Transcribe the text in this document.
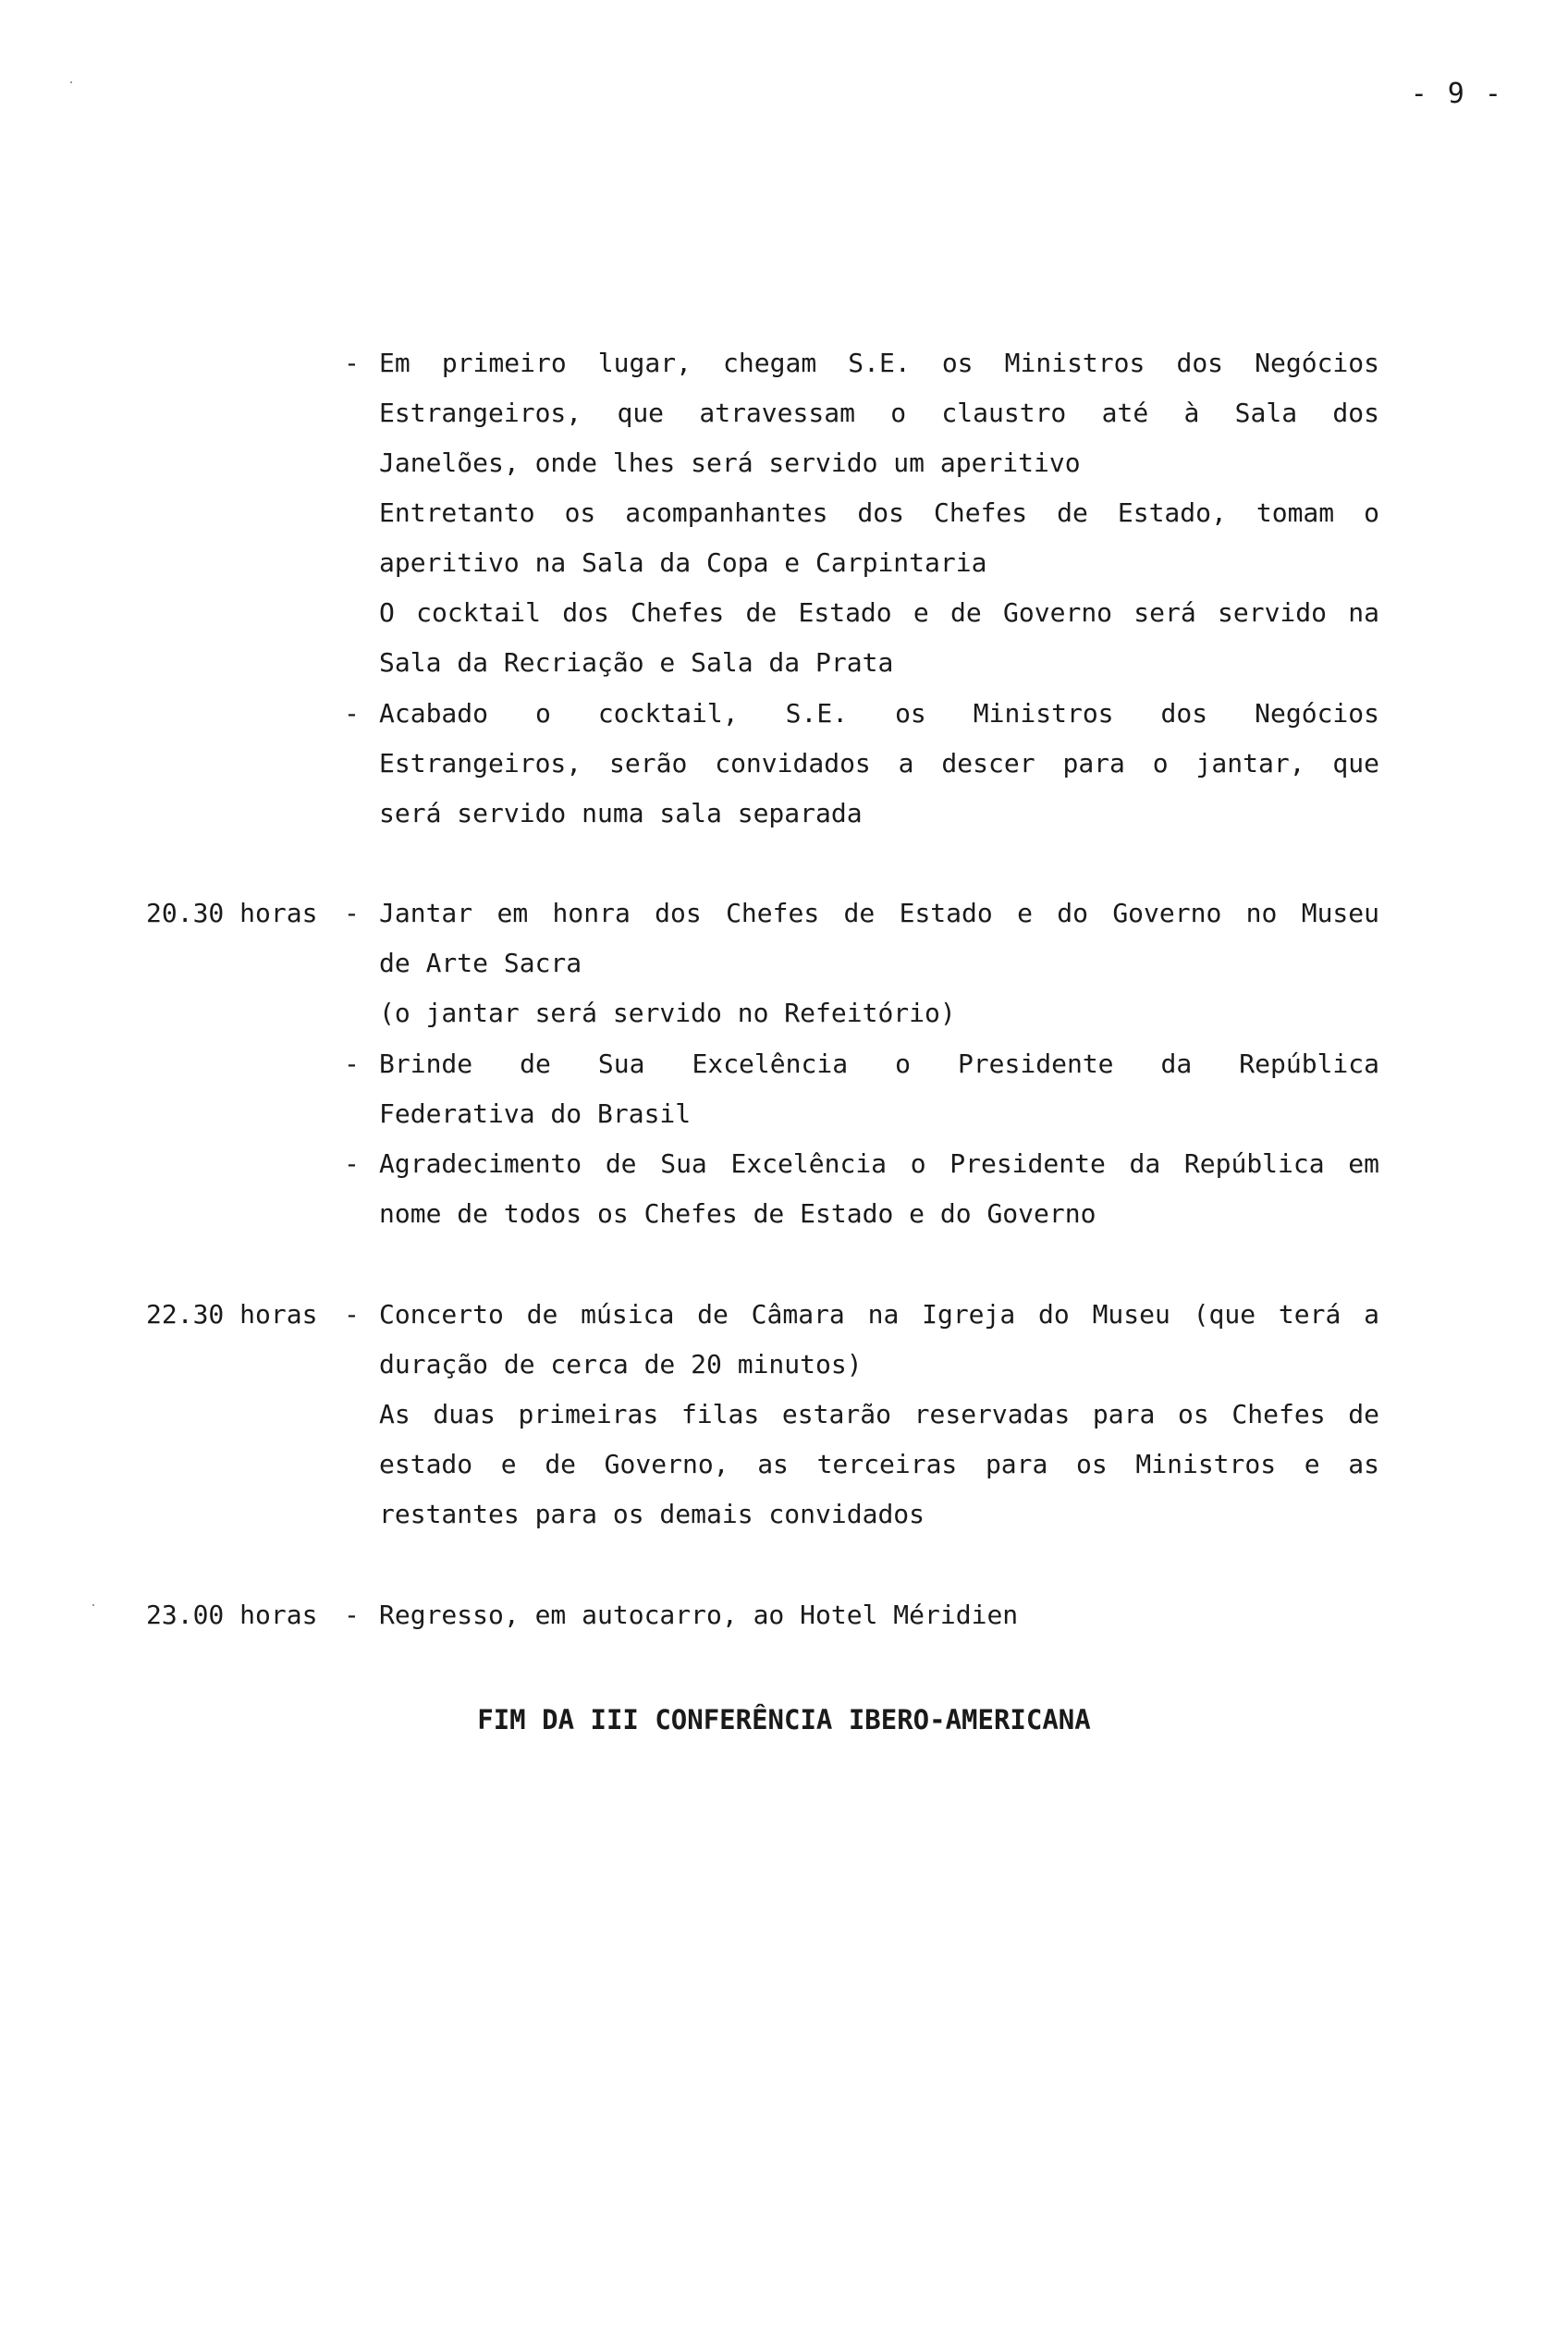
- 9 -
- Em primeiro lugar, chegam S.E. os Ministros dos Negócios
Estrangeiros, que atravessam o claustro até à Sala dos
Janelões, onde lhes será servido um aperitivo
Entretanto os acompanhantes dos Chefes de Estado, tomam o
aperitivo na Sala da Copa e Carpintaria
O cocktail dos Chefes de Estado e de Governo será servido na
Sala da Recriação e Sala da Prata
- Acabado o cocktail, S.E. os Ministros dos Negócios
Estrangeiros, serão convidados a descer para o jantar, que
será servido numa sala separada
20.30 horas - Jantar em honra dos Chefes de Estado e do Governo no Museu
de Arte Sacra
(o jantar será servido no Refeitório)
- Brinde de Sua Excelência o Presidente da República
Federativa do Brasil
- Agradecimento de Sua Excelência o Presidente da República em
nome de todos os Chefes de Estado e do Governo
22.30 horas - Concerto de música de Câmara na Igreja do Museu (que terá a
duração de cerca de 20 minutos)
As duas primeiras filas estarão reservadas para os Chefes de
estado e de Governo, as terceiras para os Ministros e as
restantes para os demais convidados
23.00 horas - Regresso, em autocarro, ao Hotel Méridien
FIM DA III CONFERÊNCIA IBERO-AMERICANA
